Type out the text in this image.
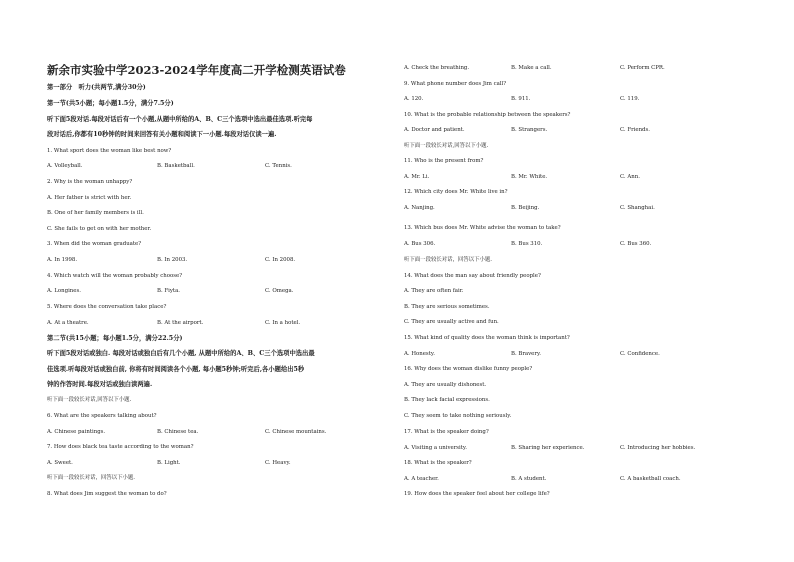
新余市实验中学2023-2024学年度高二开学检测英语试卷
第一部分　听力(共两节,满分30分)
第一节(共5小题；每小题1.5分，满分7.5分)
听下面5段对话.每段对话后有一个小题,从题中所给的A、B、C三个选项中选出最佳选项.听完每
段对话后,你都有10秒钟的时间来回答有关小题和阅读下一小题.每段对话仅读一遍.
1. What sport does the woman like best now?
A. Volleyball.	B. Basketball.	C. Tennis.
2. Why is the woman unhappy?
A. Her father is strict with her.
B. One of her family members is ill.
C. She fails to get on with her mother.
3. When did the woman graduate?
A. In 1998.	B. In 2003.	C. In 2008.
4. Which watch will the woman probably choose?
A. Longines.	B. Fiyta.	C. Omega.
5. Where does the conversation take place?
A. At a theatre.	B. At the airport.	C. In a hotel.
第二节(共15小题；每小题1.5分，满分22.5分)
听下面5段对话或独白. 每段对话或独白后有几个小题, 从题中所给的A、B、C三个选项中选出最
佳选项.听每段对话或独白前, 你将有时间阅读各个小题, 每小题5秒钟;听完后,各小题给出5秒
钟的作答时间.每段对话或独白读两遍.
听下面一段较长对话,回答以下小题.
6. What are the speakers talking about?
A. Chinese paintings.	B. Chinese tea.	C. Chinese mountains.
7. How does black tea taste according to the woman?
A. Sweet.	B. Light.	C. Heavy.
听下面一段较长对话，回答以下小题.
8. What does Jim suggest the woman to do?
A. Check the breathing.	B. Make a call.	C. Perform CPR.
9. What phone number does Jim call?
A. 120.	B. 911.	C. 119.
10. What is the probable relationship between the speakers?
A. Doctor and patient.	B. Strangers.	C. Friends.
听下面一段较长对话,回答以下小题.
11. Who is the present from?
A. Mr. Li.	B. Mr. White.	C. Ann.
12. Which city does Mr. White live in?
A. Nanjing.	B. Beijing.	C. Shanghai.
13. Which bus does Mr. White advise the woman to take?
A. Bus 306.	B. Bus 310.	C. Bus 360.
听下面一段较长对话，回答以下小题.
14. What does the man say about friendly people?
A. They are often fair.
B. They are serious sometimes.
C. They are usually active and fun.
15. What kind of quality does the woman think is important?
A. Honesty.	B. Bravery.	C. Confidence.
16. Why does the woman dislike funny people?
A. They are usually dishonest.
B. They lack facial expressions.
C. They seem to take nothing seriously.
17. What is the speaker doing?
A. Visiting a university.	B. Sharing her experience.	C. Introducing her hobbies.
18. What is the speaker?
A. A teacher.	B. A student.	C. A basketball coach.
19. How does the speaker feel about her college life?
